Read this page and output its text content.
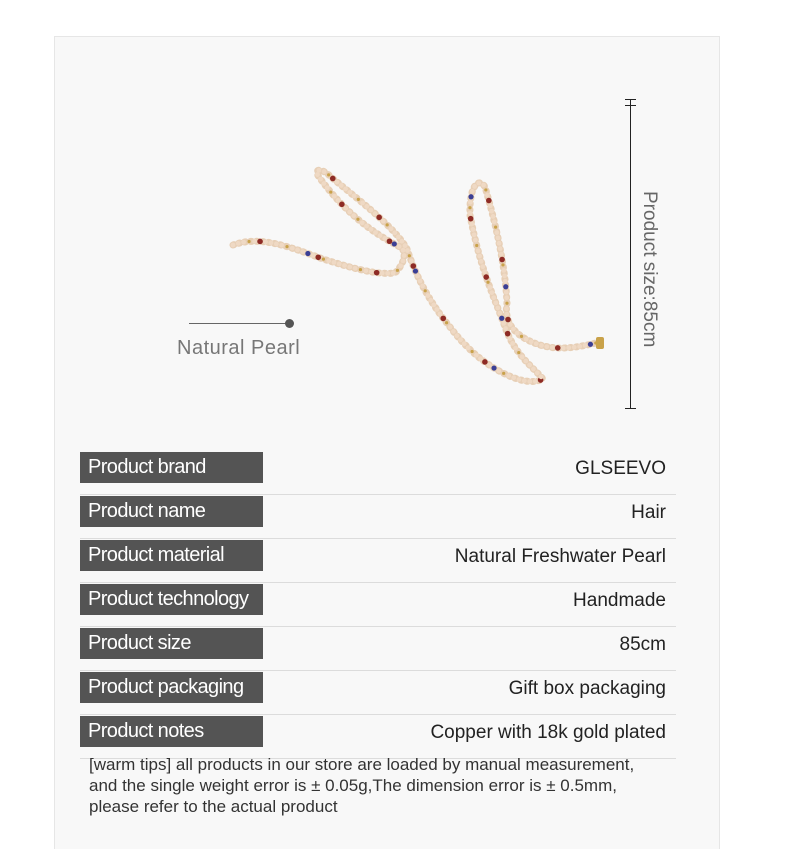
Natural Pearl
Product size:85cm
Product brand	GLSEEVO
Product name	Hair
Product material	Natural Freshwater Pearl
Product technology	Handmade
Product size	85cm
Product packaging	Gift box packaging
Product notes	Copper with 18k gold plated
[warm tips] all products in our store are loaded by manual measurement,
and the single weight error is ± 0.05g,The dimension error is ± 0.5mm,
please refer to the actual product
